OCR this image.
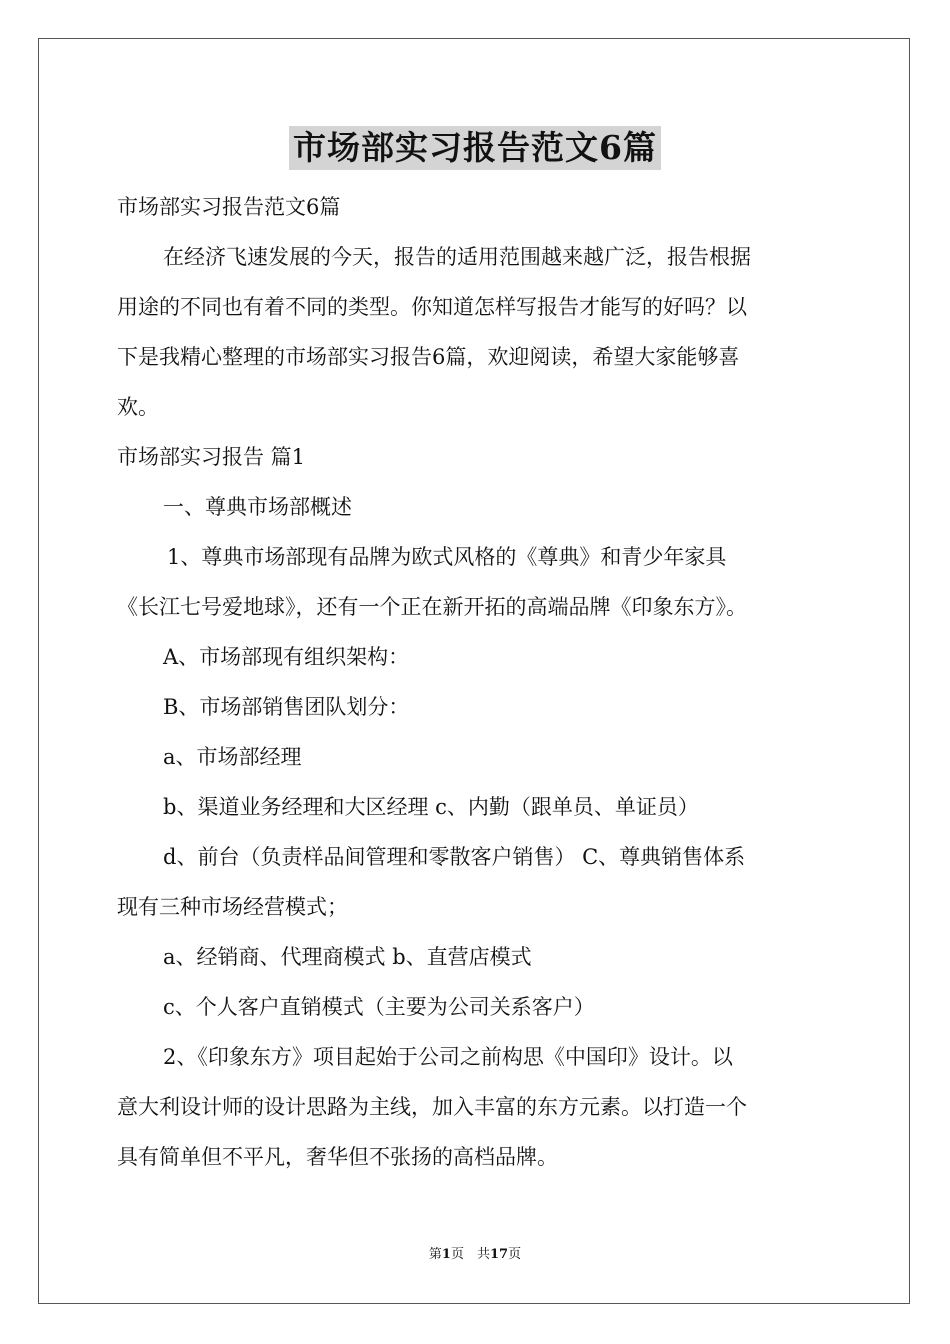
市场部实习报告范文6篇

市场部实习报告范文6篇

在经济飞速发展的今天，报告的适用范围越来越广泛，报告根据

用途的不同也有着不同的类型。你知道怎样写报告才能写的好吗？以

下是我精心整理的市场部实习报告6篇，欢迎阅读，希望大家能够喜

欢。

市场部实习报告 篇1

一、尊典市场部概述

1、尊典市场部现有品牌为欧式风格的《尊典》和青少年家具

《长江七号爱地球》，还有一个正在新开拓的高端品牌《印象东方》。

A、市场部现有组织架构：

B、市场部销售团队划分：

a、市场部经理

b、渠道业务经理和大区经理 c、内勤（跟单员、单证员）

d、前台（负责样品间管理和零散客户销售） C、尊典销售体系

现有三种市场经营模式；

a、经销商、代理商模式 b、直营店模式

c、个人客户直销模式（主要为公司关系客户）

2、《印象东方》项目起始于公司之前构思《中国印》设计。以

意大利设计师的设计思路为主线，加入丰富的东方元素。以打造一个

具有简单但不平凡，奢华但不张扬的高档品牌。

第1页　共17页
